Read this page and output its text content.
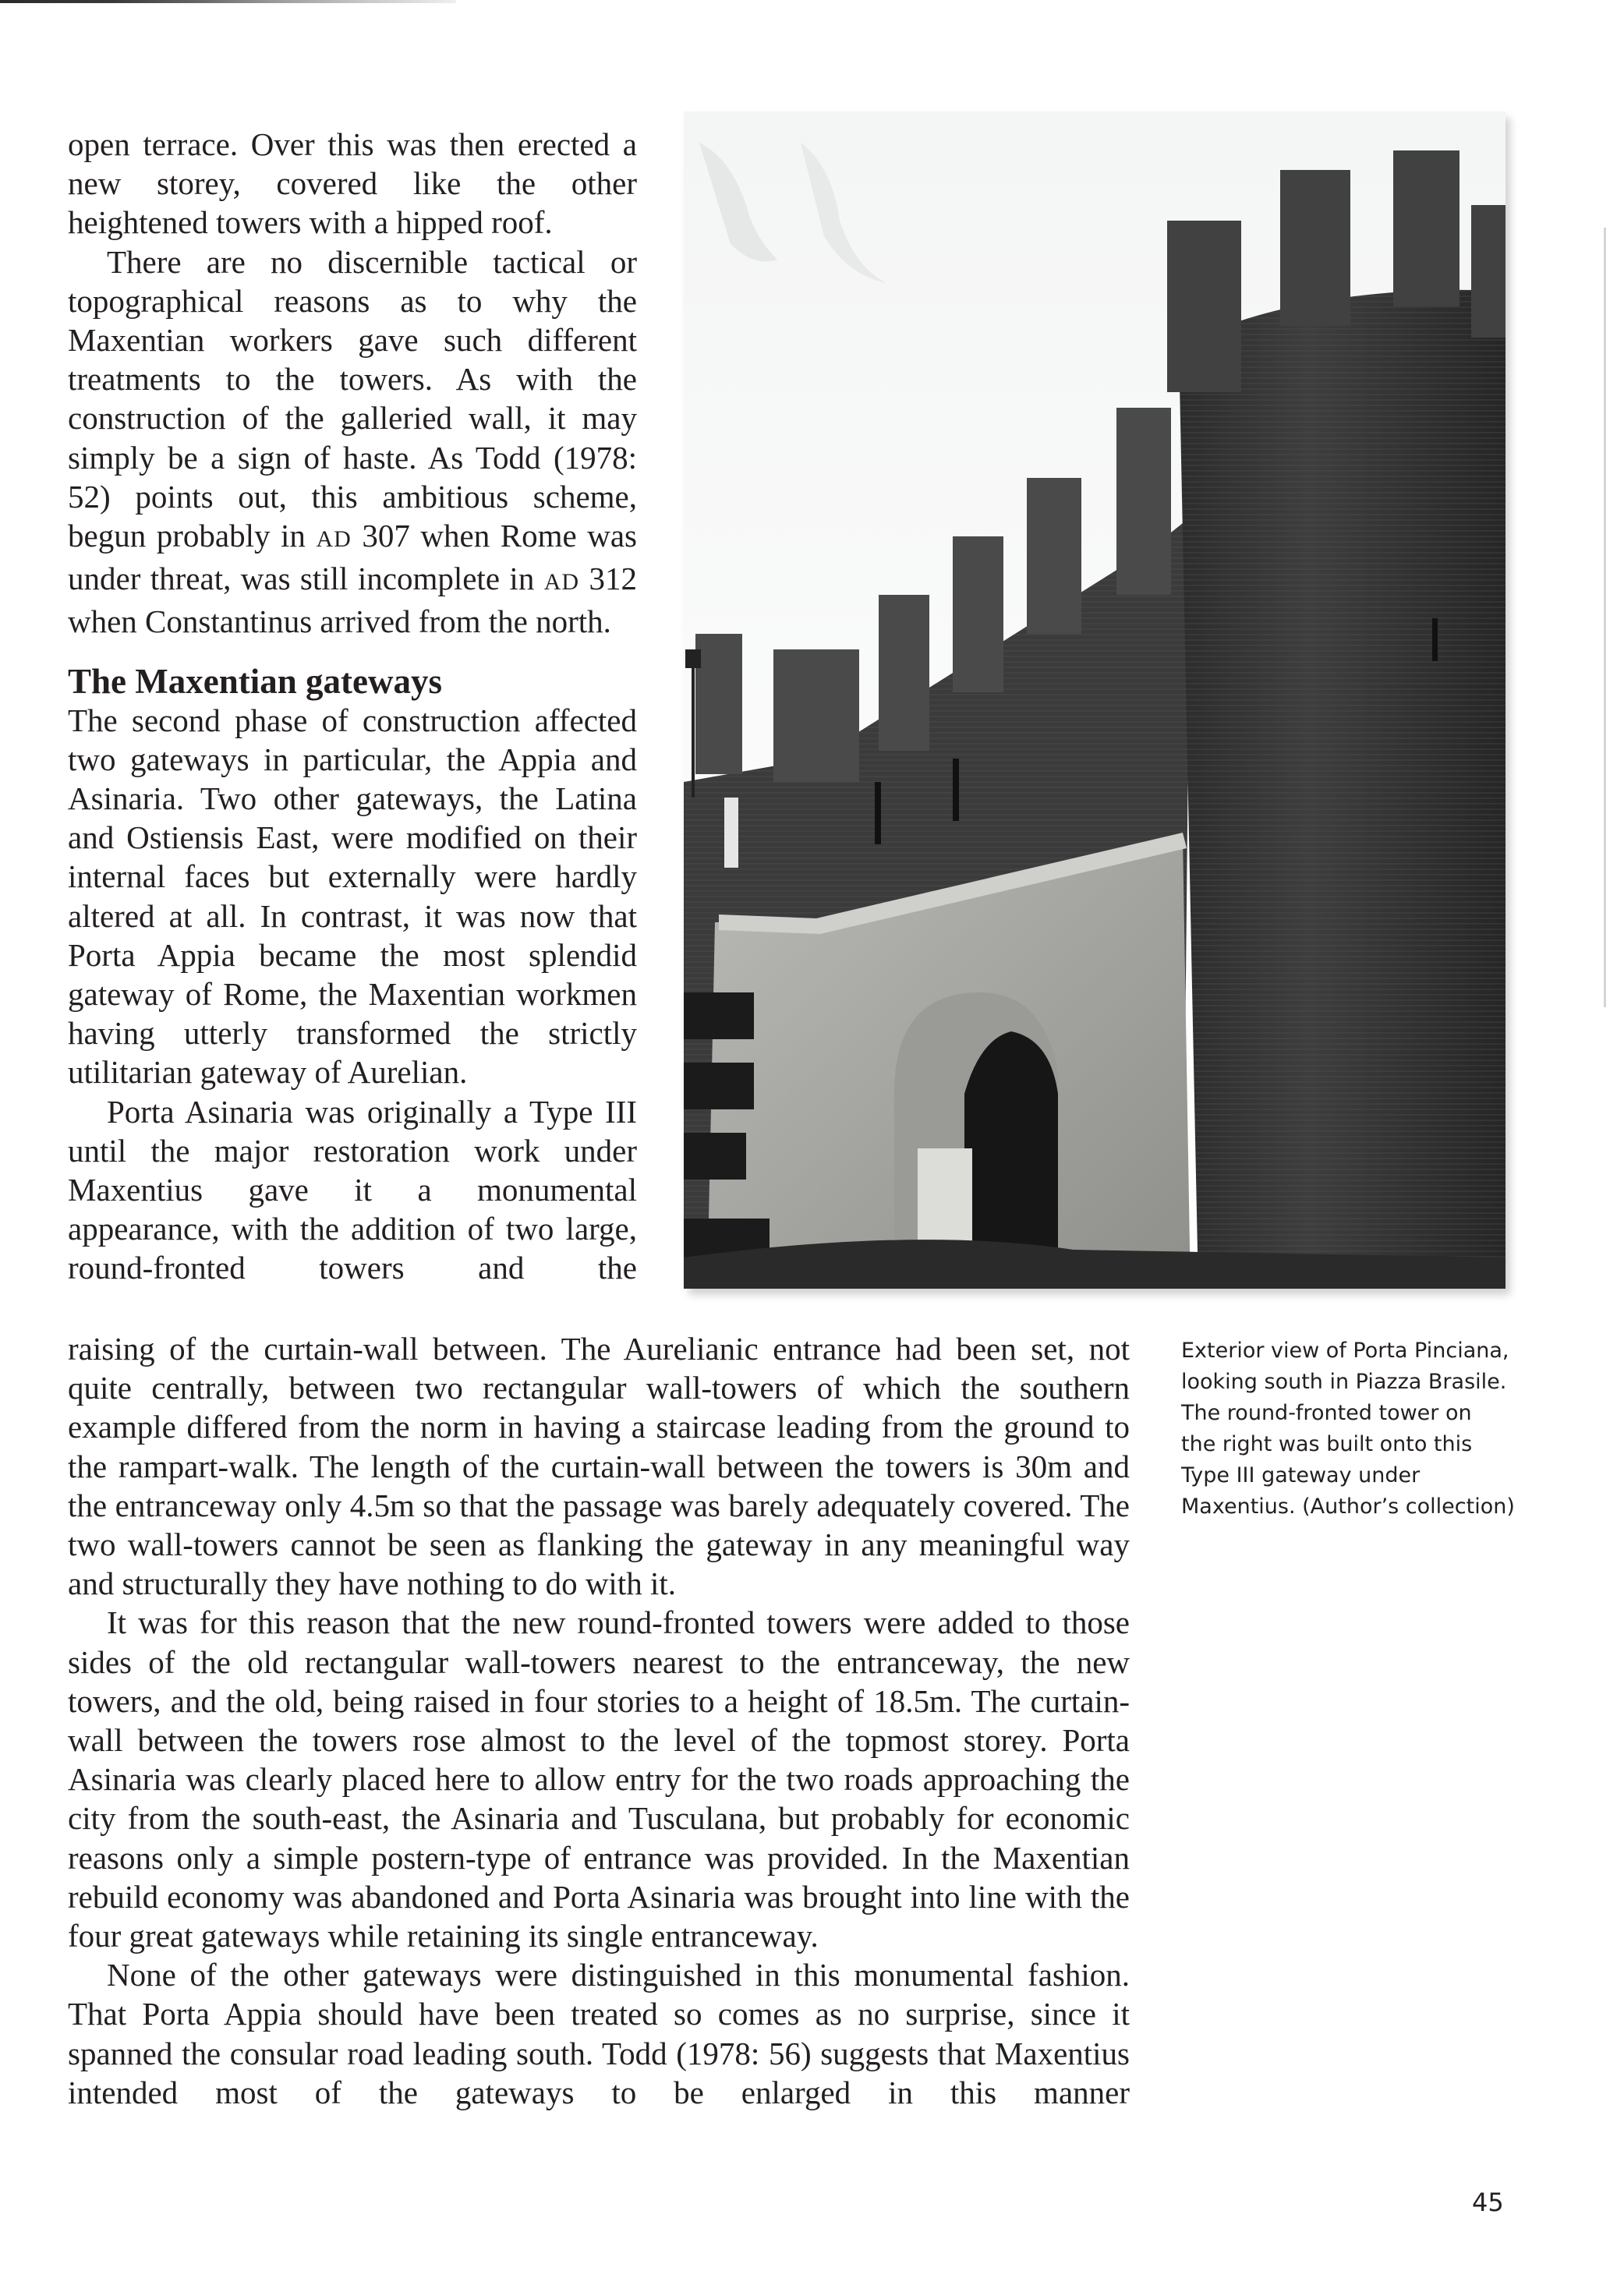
open terrace. Over this was then erected a new storey, covered like the other heightened towers with a hipped roof.

There are no discernible tactical or topographical reasons as to why the Maxentian workers gave such different treatments to the towers. As with the construction of the galleried wall, it may simply be a sign of haste. As Todd (1978: 52) points out, this ambitious scheme, begun probably in AD 307 when Rome was under threat, was still incomplete in AD 312 when Constantinus arrived from the north.

The Maxentian gateways

The second phase of construction affected two gateways in particular, the Appia and Asinaria. Two other gateways, the Latina and Ostiensis East, were modified on their internal faces but externally were hardly altered at all. In contrast, it was now that Porta Appia became the most splendid gateway of Rome, the Maxentian workmen having utterly transformed the strictly utilitarian gateway of Aurelian.

Porta Asinaria was originally a Type III until the major restoration work under Maxentius gave it a monumental appearance, with the addition of two large, round-fronted towers and the

raising of the curtain-wall between. The Aurelianic entrance had been set, not quite centrally, between two rectangular wall-towers of which the southern example differed from the norm in having a staircase leading from the ground to the rampart-walk. The length of the curtain-wall between the towers is 30m and the entranceway only 4.5m so that the passage was barely adequately covered. The two wall-towers cannot be seen as flanking the gateway in any meaningful way and structurally they have nothing to do with it.

It was for this reason that the new round-fronted towers were added to those sides of the old rectangular wall-towers nearest to the entranceway, the new towers, and the old, being raised in four stories to a height of 18.5m. The curtain-wall between the towers rose almost to the level of the topmost storey. Porta Asinaria was clearly placed here to allow entry for the two roads approaching the city from the south-east, the Asinaria and Tusculana, but probably for economic reasons only a simple postern-type of entrance was provided. In the Maxentian rebuild economy was abandoned and Porta Asinaria was brought into line with the four great gateways while retaining its single entranceway.

None of the other gateways were distinguished in this monumental fashion. That Porta Appia should have been treated so comes as no surprise, since it spanned the consular road leading south. Todd (1978: 56) suggests that Maxentius intended most of the gateways to be enlarged in this manner

Exterior view of Porta Pinciana,

looking south in Piazza Brasile.

The round-fronted tower on

the right was built onto this

Type III gateway under

Maxentius. (Author’s collection)

45
